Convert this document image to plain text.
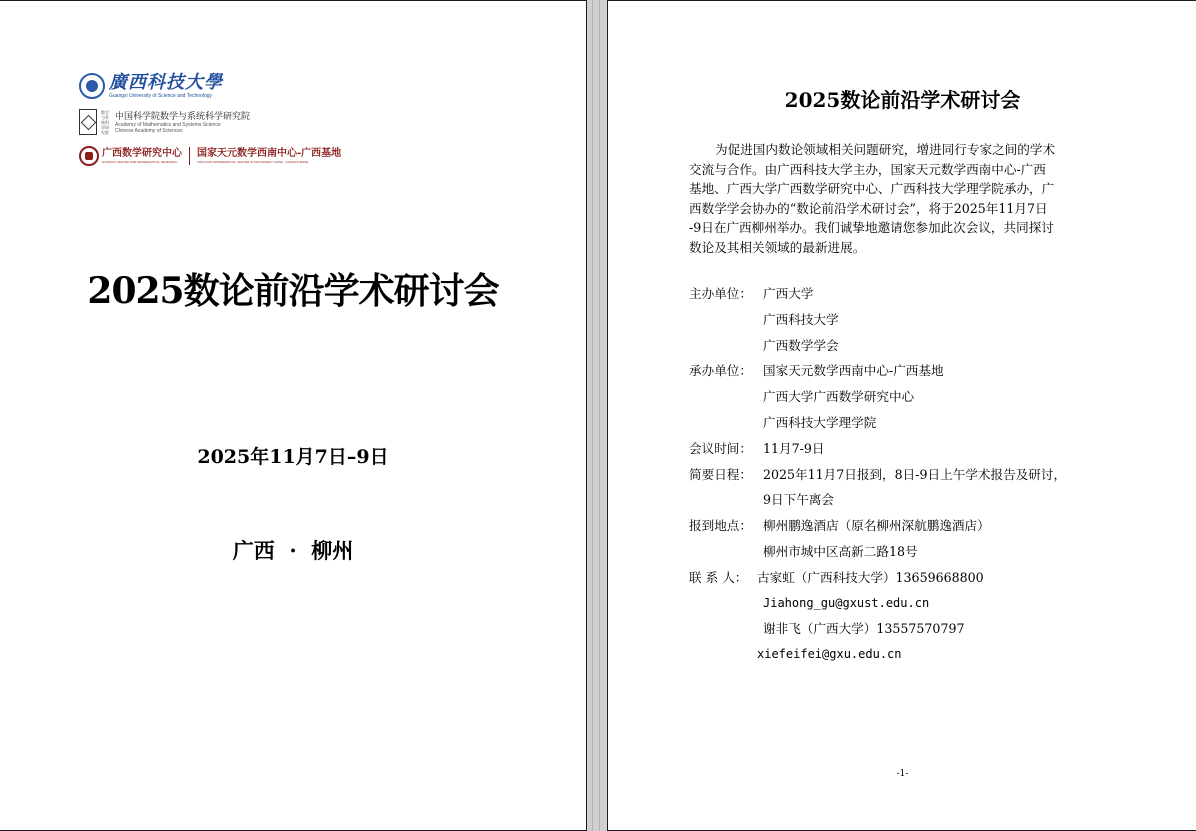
廣西科技大學
Guangxi University of Science and Technology
数学与系统科学研究院
中国科学院数学与系统科学研究院
Academy of Mathematics and Systems Science
Chinese Academy of Sciences
广西数学研究中心
GUANGXI CENTER FOR MATHEMATICAL RESEARCH
国家天元数学西南中心-广西基地
TIANYUAN MATHEMATICAL CENTER IN SOUTHWEST CHINA · GUANGXI BASE
2025数论前沿学术研讨会

2025年11月7日–9日

广西  ·  柳州

2025数论前沿学术研讨会

为促进国内数论领域相关问题研究，增进同行专家之间的学术
交流与合作。由广西科技大学主办，国家天元数学西南中心-广西
基地、广西大学广西数学研究中心、广西科技大学理学院承办，广
西数学学会协办的“数论前沿学术研讨会”，将于2025年11月7日
-9日在广西柳州举办。我们诚挚地邀请您参加此次会议，共同探讨
数论及其相关领域的最新进展。

主办单位： 广西大学
广西科技大学
广西数学学会
承办单位： 国家天元数学西南中心-广西基地
广西大学广西数学研究中心
广西科技大学理学院
会议时间： 11月7-9日
简要日程： 2025年11月7日报到，8日-9日上午学术报告及研讨，
9日下午离会
报到地点： 柳州鹏逸酒店（原名柳州深航鹏逸酒店）
柳州市城中区高新二路18号
联 系 人： 古家虹（广西科技大学）13659668800
Jiahong_gu@gxust.edu.cn
谢非飞（广西大学）13557570797
xiefeifei@gxu.edu.cn
-1-
